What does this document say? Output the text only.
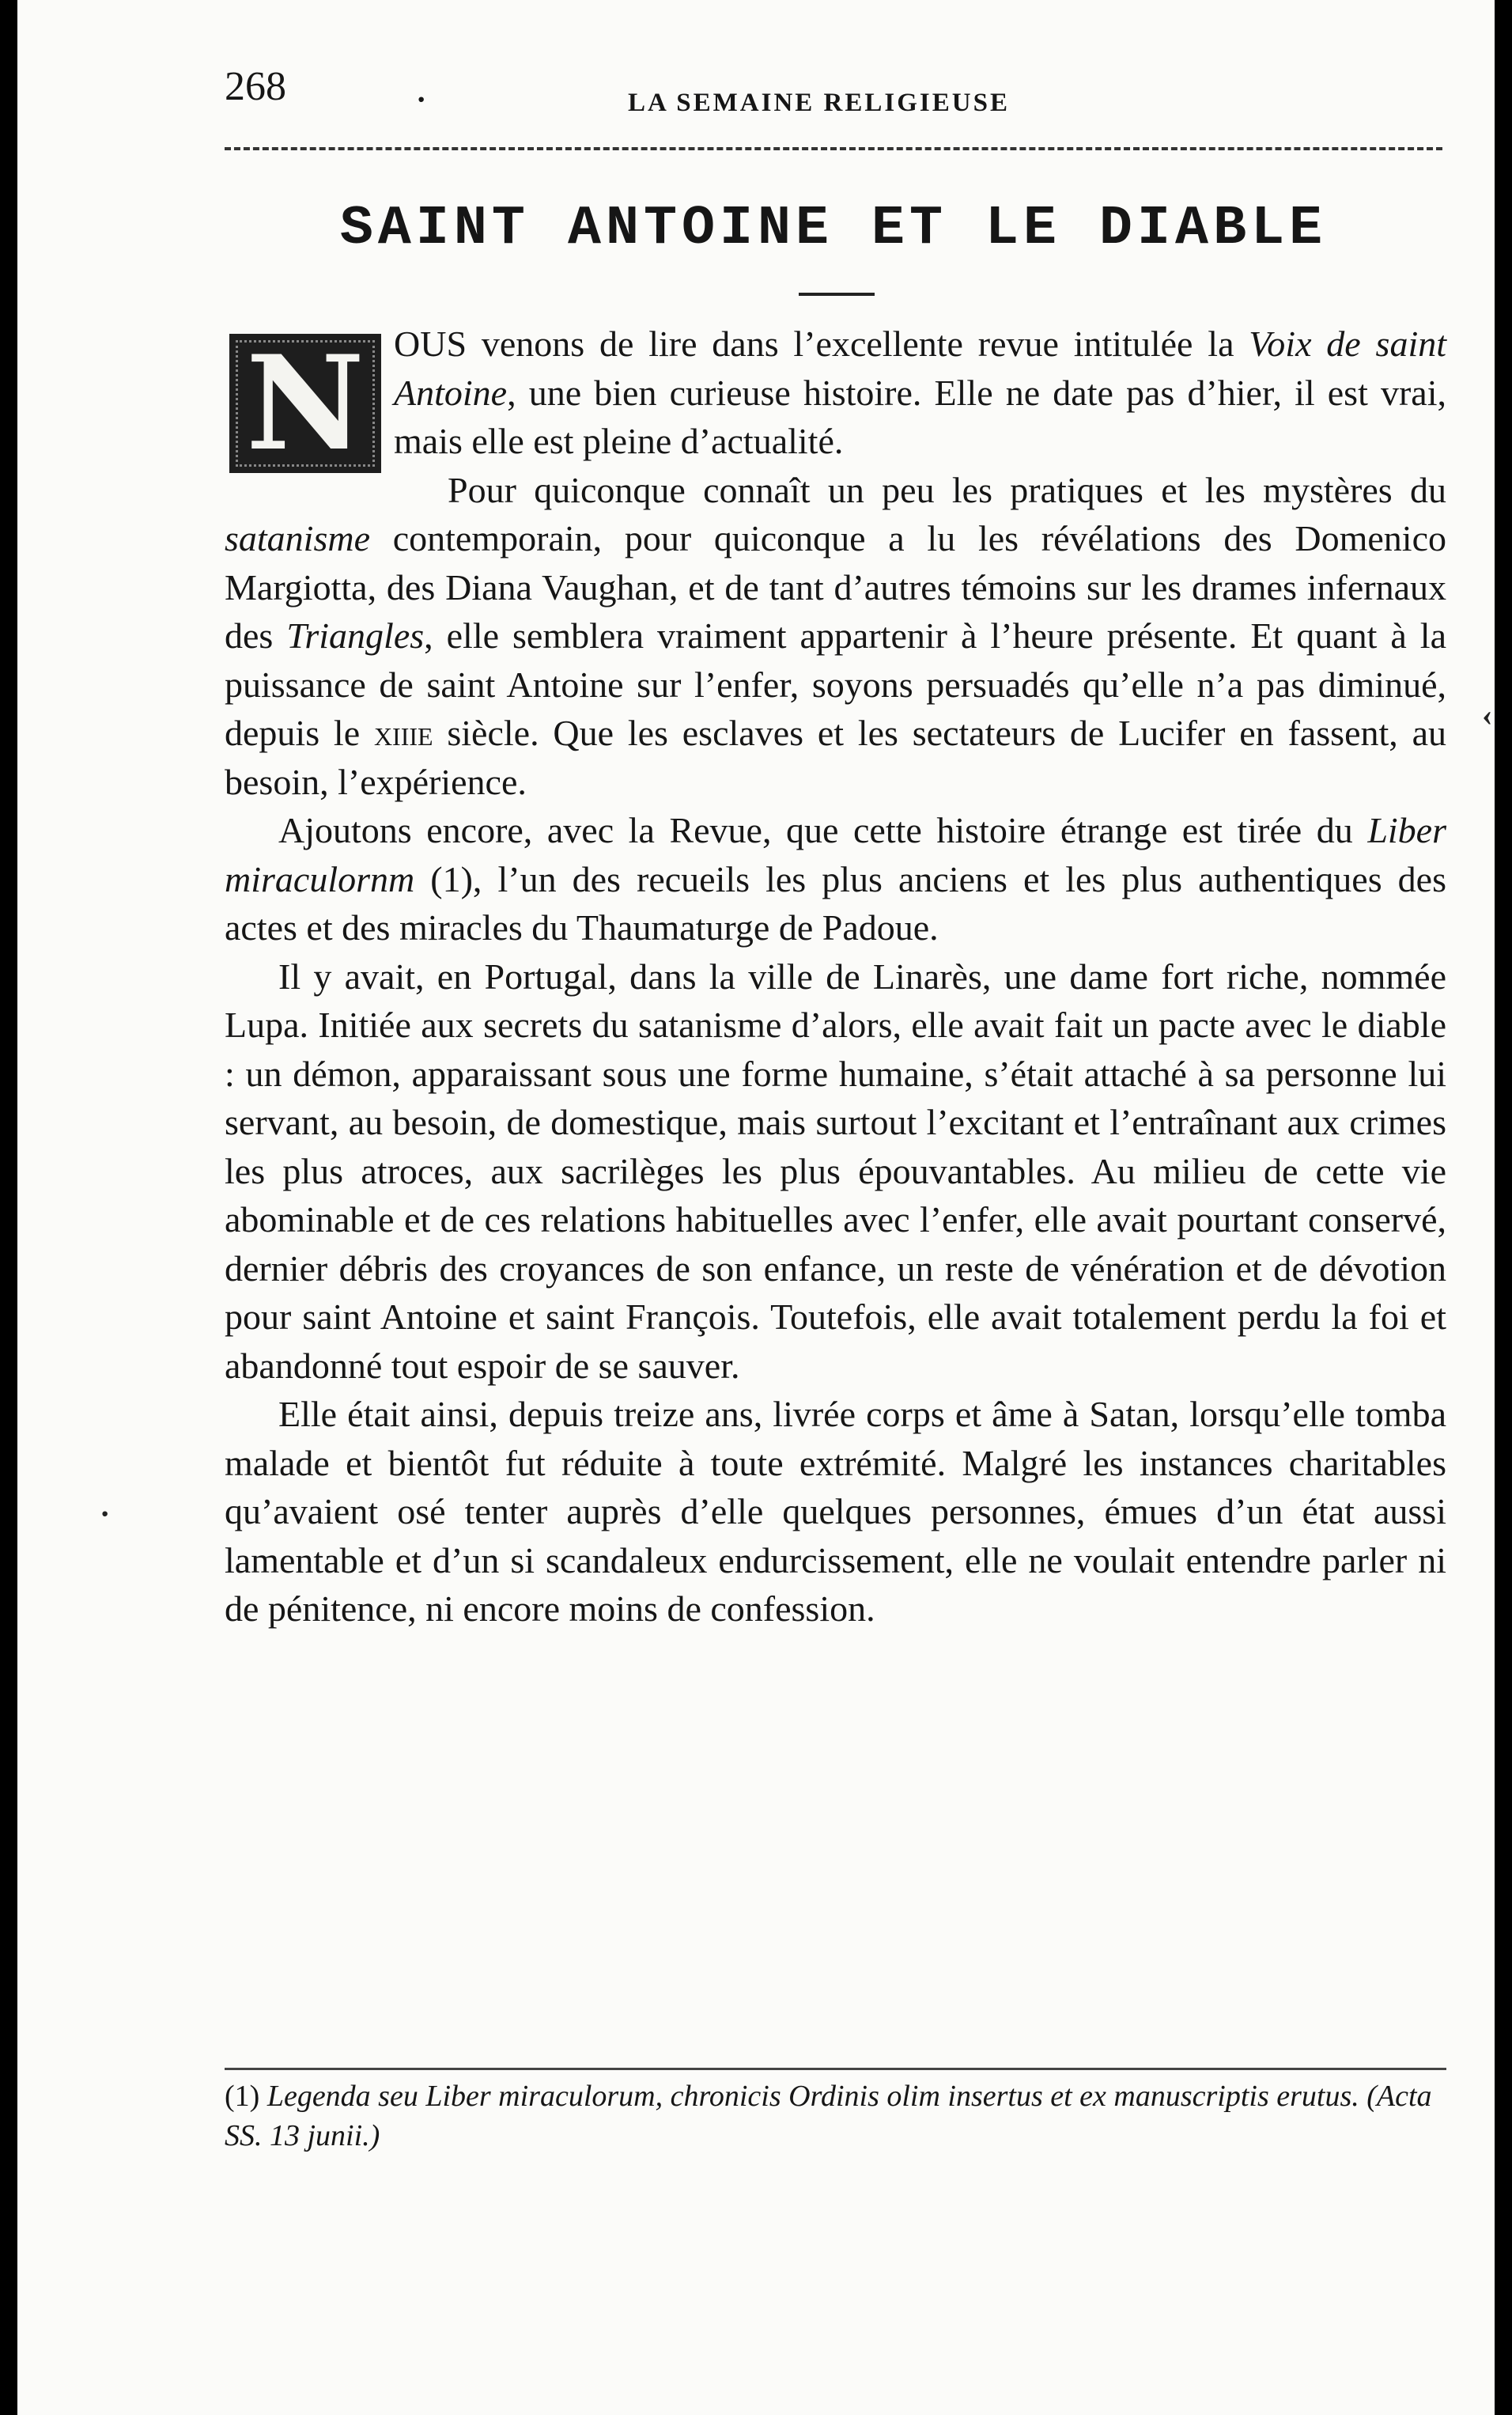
268	·	LA SEMAINE RELIGIEUSE
SAINT ANTOINE ET LE DIABLE

N OUS venons de lire dans l’excellente revue intitulée la Voix de saint Antoine, une bien curieuse histoire. Elle ne date pas d’hier, il est vrai, mais elle est pleine d’actualité.

Pour quiconque connaît un peu les pratiques et les mystères du satanisme contemporain, pour quiconque a lu les révélations des Domenico Margiotta, des Diana Vaughan, et de tant d’autres témoins sur les drames infernaux des Triangles, elle semblera vraiment appartenir à l’heure présente. Et quant à la puissance de saint Antoine sur l’enfer, soyons persuadés qu’elle n’a pas diminué, depuis le xiiie siècle. Que les esclaves et les sectateurs de Lucifer en fassent, au besoin, l’expérience.

Ajoutons encore, avec la Revue, que cette histoire étrange est tirée du Liber miraculornm (1), l’un des recueils les plus anciens et les plus authentiques des actes et des miracles du Thaumaturge de Padoue.

Il y avait, en Portugal, dans la ville de Linarès, une dame fort riche, nommée Lupa. Initiée aux secrets du satanisme d’alors, elle avait fait un pacte avec le diable : un démon, apparaissant sous une forme humaine, s’était attaché à sa personne lui servant, au besoin, de domestique, mais surtout l’excitant et l’entraînant aux crimes les plus atroces, aux sacrilèges les plus épouvantables. Au milieu de cette vie abominable et de ces relations habituelles avec l’enfer, elle avait pourtant conservé, dernier débris des croyances de son enfance, un reste de vénération et de dévotion pour saint Antoine et saint François. Toutefois, elle avait totalement perdu la foi et abandonné tout espoir de se sauver.

Elle était ainsi, depuis treize ans, livrée corps et âme à Satan, lorsqu’elle tomba malade et bientôt fut réduite à toute extrémité. Malgré les instances charitables qu’avaient osé tenter auprès d’elle quelques personnes, émues d’un état aussi lamentable et d’un si scandaleux endurcissement, elle ne voulait entendre parler ni de pénitence, ni encore moins de confession.

(1) Legenda seu Liber miraculorum, chronicis Ordinis olim insertus et ex manuscriptis erutus. (Acta SS. 13 junii.)
·
‹
